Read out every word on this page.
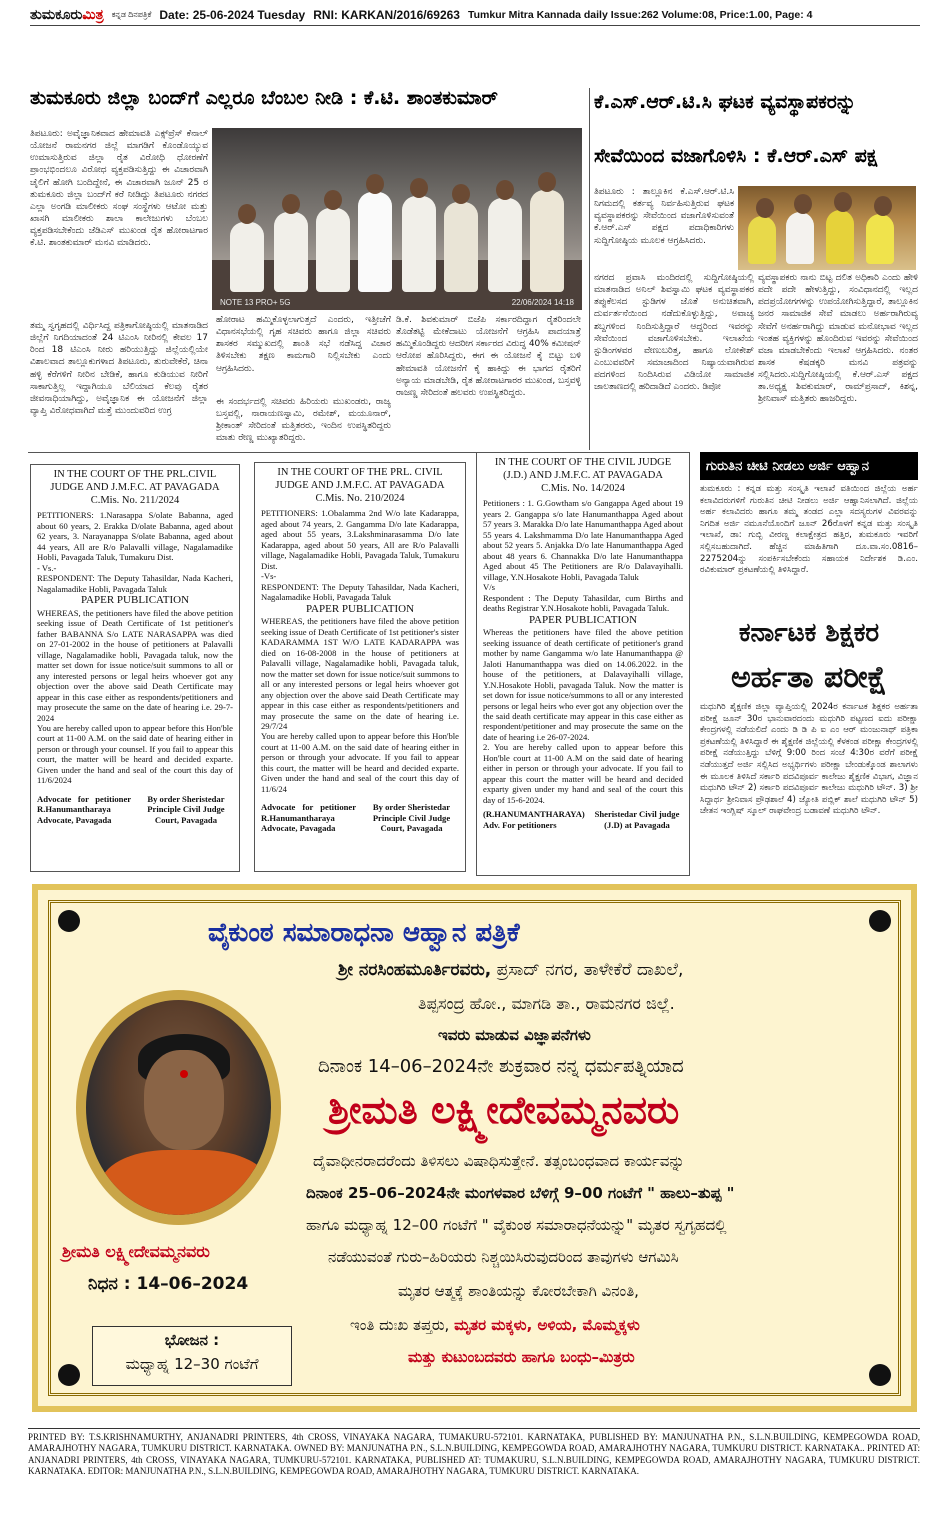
ತುಮಕೂರುಮಿತ್ರ ಕನ್ನಡ ದಿನಪತ್ರಿಕೆ Date: 25-06-2024 Tuesday RNI: KARKAN/2016/69263 Tumkur Mitra Kannada daily Issue:262 Volume:08, Price:1.00, Page: 4
ತುಮಕೂರು ಜಿಲ್ಲಾ ಬಂದ್‌ಗೆ ಎಲ್ಲರೂ ಬೆಂಬಲ ನೀಡಿ : ಕೆ.ಟಿ. ಶಾಂತಕುಮಾರ್
ತಿಪಟೂರು: ಅವೈಜ್ಞಾನಿಕವಾದ ಹೇಮಾವತಿ ಎಕ್ಸ್‌ಪ್ರೆಸ್ ಕೆನಾಲ್ ಯೋಜನೆ ರಾಮನಗರ ಜಿಲ್ಲೆ ಮಾಗಡಿಗೆ ಕೊಂಡೊಯ್ಯುವ ಉಮಾಸುತ್ತಿರುವ ಜಿಲ್ಲಾ ರೈತ ವಿರೋಧಿ ಧೋರಣೆಗೆ ಪ್ರಾಂಭಭಿಂದಲೂ ವಿರೋಧ ವ್ಯಕ್ತಪಡಿಸುತ್ತಿದ್ದು ಈ ವಿಚಾರವಾಗಿ ಚೈಲಿಗೆ ಹೋಗಿ ಬಂದಿದ್ದೇನೆ, ಈ ವಿಚಾರವಾಗಿ ಜೂನ್ 25 ರ ತುಮಕೂರು ಜಿಲ್ಲಾ ಬಂದ್‌ಗೆ ಕರೆ ನೀಡಿದ್ದು ತಿಪಟೂರು ನಗರದ ಎಲ್ಲಾ ಅಂಗಡಿ ಮಾಲೀಕರು ಸಂಘ ಸಂಸ್ಥೆಗಳು ಆಟೋ ಮತ್ತು ಖಾಸಗಿ ಮಾಲೀಕರು ಶಾಲಾ ಕಾಲೇಜುಗಳು ಬೆಂಬಲ ವ್ಯಕ್ತಪಡಿಸಬೇಕೆಂದು ಜೆಡಿಎಸ್ ಮುಖಂಡ ರೈತ ಹೋರಾಟಗಾರ ಕೆ.ಟಿ. ಶಾಂತಕುಮಾರ್ ಮನವಿ ಮಾಡಿದರು.
ತಮ್ಮ ಸ್ವಗೃಹದಲ್ಲಿ ವಿರ್ಧಿಸಿದ್ದ ಪತ್ರಿಕಾಗೋಷ್ಠಿಯಲ್ಲಿ ಮಾತನಾಡಿದ ಜಿಲ್ಲೆಗೆ ನಿಗದಿಯಾದಂತೆ 24 ಟಿಎಂಸಿ ನೀರಿನಲ್ಲಿ ಕೇವಲ 17 ರಿಂದ 18 ಟಿಎಂಸಿ ನೀರು ಹರಿಯುತ್ತಿದ್ದು ಜಿಲ್ಲೆಯಲ್ಲಿಯೇ ವಿಶಾಲವಾದ ತಾಲ್ಲೂಕುಗಳಾದ ತಿಪಟೂರು, ತುರುವೇಕೆರೆ, ಚಿನಾ ಹಳ್ಳಿ ಕೆರೆಗಳಿಗೆ ನೀರಿನ ಬೇಡಿಕೆ, ಹಾಗೂ ಕುಡಿಯುವ ನೀರಿಗೆ ಸಾಕಾಗುತ್ತಿಲ್ಲ ಇದ್ದಾಗಿಯೂ ಬೆಲಿಯಾದ ಕೆಲವು ರೈತರ ಜೀವನಾಧಿಯಾಗಿದ್ದು, ಅವೈಜ್ಞಾನಿಕ ಈ ಯೋಜನೆಗೆ ಜಿಲ್ಲಾ ವ್ಯಾಪ್ತಿ ವಿರೋಧವಾಗಿದೆ ಮತ್ತೆ ಮುಂದುವರಿದ ಉಗ್ರ
NOTE 13 PRO+ 5G	22/06/2024 14:18
ಹೋರಾಟ ಹಮ್ಮಿಕೊಳ್ಳಲಾಗುತ್ತದೆ ಎಂದರು, ಇತ್ತೀಚೆಗೆ ವಿಧಾನಸಭೆಯಲ್ಲಿ ಗೃಹ ಸಚಿವರು ಹಾಗೂ ಜಿಲ್ಲಾ ಸಚಿವರು ಶಾಸಕರ ಸಮ್ಮುಖದಲ್ಲಿ ಶಾಂತಿ ಸಭೆ ನಡೆಸಿದ್ದ ವಿಚಾರ ತಿಳಿಸಬೇಕು ತಕ್ಷಣ ಕಾಮಗಾರಿ ನಿಲ್ಲಿಸಬೇಕು ಎಂದು ಆಗ್ರಹಿಸಿದರು.
ಈ ಸಂದರ್ಭದಲ್ಲಿ ಸಚಿವರು ಹಿರಿಯರು ಮುಖಂಡರು, ರಾಜ್ಯ ಬಸ್ತವಲ್ಲಿ, ನಾರಾಯಣಸ್ವಾಮಿ, ರಮೇಶ್, ಮಯೂನಾರ್, ಶ್ರೀಕಾಂತ್ ಸೇರಿದಂತೆ ಮತ್ತಿತರರು, ಇಂದಿನ ಉಪಸ್ಥಿತರಿದ್ದರು ಮಾತು ರೇಣ್ಣ ಮುಖ್ಯಾತರಿದ್ದರು.
ಡಿ.ಕೆ. ಶಿವಕುಮಾರ್ ಬಿಜೆಪಿ ಸರ್ಕಾರದಿದ್ದಾಗ ರೈತರಿಂದಲೇ ತೊಡೆತಟ್ಟಿ ಮೇಕೆದಾಟು ಯೋಜನೆಗೆ ಆಗ್ರಹಿಸಿ ಪಾದಯಾತ್ರೆ ಹಮ್ಮಿಕೊಂಡಿದ್ದರು ಆದರೀಗ ಸರ್ಕಾರದ ವಿರುದ್ಧ 40% ಕಮೀಷನ್ ಆರೋಪ ಹೊರಿಸಿದ್ದರು, ಈಗ ಈ ಯೋಜನೆ ಕೈ ಬಿಟ್ಟು ಬಳಿ ಹೇಮಾವತಿ ಯೋಜನೆಗೆ ಕೈ ಹಾಕಿದ್ದು ಈ ಭಾಗದ ರೈತರಿಗೆ ಅನ್ಯಾಯ ಮಾಡಬೇಡಿ, ರೈತ ಹೋರಾಟಗಾರರ ಮುಖಂಡ, ಬಸ್ತವಳ್ಳಿ ರಾಜಣ್ಣ ಸೇರಿದಂತೆ ಹಲವರು ಉಪಸ್ಥಿತರಿದ್ದರು.
ಕೆ.ಎಸ್.ಆರ್.ಟಿ.ಸಿ ಘಟಕ ವ್ಯವಸ್ಥಾಪಕರನ್ನು
ಸೇವೆಯಿಂದ ವಜಾಗೊಳಿಸಿ : ಕೆ.ಆರ್.ಎಸ್ ಪಕ್ಷ
ತಿಪಟೂರು : ತಾಲ್ಲೂಕಿನ ಕೆ.ಎಸ್.ಆರ್.ಟಿ.ಸಿ ನಿಗಮದಲ್ಲಿ ಕರ್ತವ್ಯ ನಿರ್ವಹಿಸುತ್ತಿರುವ ಘಟಕ ವ್ಯವಸ್ಥಾಪಕರನ್ನು ಸೇವೆಯಿಂದ ವಜಾಗೊಳಿಸುವಂತೆ ಕೆ.ಆರ್.ಎಸ್ ಪಕ್ಷದ ಪದಾಧಿಕಾರಿಗಳು ಸುದ್ದಿಗೋಷ್ಠಿಯ ಮೂಲಕ ಆಗ್ರಹಿಸಿದರು.
ನಗರದ ಪ್ರವಾಸಿ ಮಂದಿರದಲ್ಲಿ ಸುದ್ದಿಗೋಷ್ಠಿಯಲ್ಲಿ ಮಾತನಾಡಿದ ಅನಿಲ್ ಶಿವಸ್ವಾಮಿ ಘಟಕ ವ್ಯವಸ್ಥಾಪಕರ ತಪ್ಪುಕೆಲಸದ ಸ್ಟುಡಿಗಳ ಜೊತೆ ಅನುಚಿತವಾಗಿ, ದುರ್ವರ್ತನೆಯಿಂದ ನಡೆದುಕೊಳ್ಳುತ್ತಿದ್ದು, ಅವಾಚ್ಯ ಶಬ್ದಗಳಿಂದ ನಿಂದಿಸುತ್ತಿದ್ದಾರೆ ಆದ್ದರಿಂದ ಇವರನ್ನು ಸೇವೆಯಿಂದ ವಜಾಗೊಳಿಸಬೇಕು. ಇಲಾಖೆಯ ಸ್ಟುಡಿಂಗಳವರ ವೇಣುಬರಿತ್ತ, ಹಾಗೂ ಲೋಕೇಶ್ ಎಂಬುವವರಿಗೆ ಸಮಾಜಾದಿಂದ ನಿಷ್ಯಾಯವಾಗಿರುವ ಪದಗಳಿಂದ ನಿಂದಿಸಿರುವ ವಿಡಿಯೋ ಸಾಮಾಜಿಕ ಜಾಲತಾಣದಲ್ಲಿ ಹರಿದಾಡಿದೆ ಎಂದರು. ಡಿಪೋ
ವ್ಯವಸ್ಥಾಪಕರು ನಾನು ಬಿಟ್ಟ ದಲಿತ ಅಧಿಕಾರಿ ಎಂದು ಹೇಳಿ ಪದೇ ಪದೇ ಹೇಳುತ್ತಿದ್ದು, ಸಂವಿಧಾನದಲ್ಲಿ ಇಲ್ಲದ ಪದಪ್ರಯೋಗಗಳನ್ನು ಉಪಯೋಗಿಸುತ್ತಿದ್ದಾರೆ, ತಾಲ್ಲೂಕಿನ ಜನರ ಸಾಮಾಜಿಕ ಸೇವೆ ಮಾಡಲು ಅರ್ಹರಾಗಿರುವ್ಯ ಸೇವೆಗೆ ಅನರ್ಹರಾಗಿದ್ದು ಮಾಡುವ ಮನೋಭಾವ ಇಲ್ಲದ ಇಂತಹ ವ್ಯಕ್ತಿಗಳನ್ನು ಹೊಂದಿರುವ ಇವರನ್ನು ಸೇವೆಯಿಂದ ವಜಾ ಮಾಡಬೇಕೆಂದು ಇಲಾಖೆ ಆಗ್ರಹಿಸಿದರು. ನಂತರ ಶಾಸಕ ಕೆಷಡಕ್ಕರಿ ಮನವಿ ಪತ್ರವನ್ನು ಸಲ್ಲಿಸಿದರು.ಸುದ್ದಿಗೋಷ್ಠಿಯಲ್ಲಿ ಕೆ.ಆರ್.ಎಸ್ ಪಕ್ಷದ ತಾ.ಅಧ್ಯಕ್ಷ ಶಿವಕುಮಾರ್, ರಾಮ್‌ಪ್ರಸಾದ್, ಕಿಶನ್ನ, ಶ್ರೀನಿವಾಸ್ ಮತ್ತಿತರು ಹಾಜರಿದ್ದರು.
IN THE COURT OF THE PRL.CIVIL JUDGE AND J.M.F.C. AT PAVAGADA
C.Mis. No. 211/2024
PETITIONERS: 1.Narasappa S/olate Babanna, aged about 60 years, 2. Erakka D/olate Babanna, aged about 62 years, 3. Narayanappa S/olate Babanna, aged about 44 years, All are R/o Palavalli village, Nagalamadike Hobli, Pavagada Taluk, Tumakuru Dist.
- Vs.-
RESPONDENT: The Deputy Tahasildar, Nada Kacheri, Nagalamadike Hobli, Pavagada Taluk
PAPER PUBLICATION
WHEREAS, the petitioners have filed the above petition seeking issue of Death Certificate of 1st petitioner's father BABANNA S/o LATE NARASAPPA was died on 27-01-2002 in the house of petitioners at Palavalli village, Nagalamadike hobli, Pavagada taluk, now the matter set down for issue notice/suit summons to all or any interested persons or legal heirs whoever got any objection over the above said Death Certificate may appear in this case either as respondents/petitioners and may prosecute the same on the date of hearing i.e. 29-7-2024
You are hereby called upon to appear before this Hon'ble court at 11-00 A.M. on the said date of hearing either in person or through your counsel. If you fail to appear this court, the matter will be heard and decided exparte. Given under the hand and seal of the court this day of 11/6/2024
Advocate for petitioner R.Hanumantharaya Advocate, Pavagada
By order Sheristedar Principle Civil Judge Court, Pavagada
IN THE COURT OF THE PRL. CIVIL JUDGE AND J.M.F.C. AT PAVAGADA
C.Mis. No. 210/2024
PETITIONERS: 1.Obalamma 2nd W/o late Kadarappa, aged about 74 years, 2. Gangamma D/o late Kadarappa, aged about 55 years, 3.Lakshminarasamma D/o late Kadarappa, aged about 50 years, All are R/o Palavalli village, Nagalamadike Hobli, Pavagada Taluk, Tumakuru Dist.
-Vs-
RESPONDENT: The Deputy Tahasildar, Nada Kacheri, Nagalamadike Hobli, Pavagada Taluk
PAPER PUBLICATION
WHEREAS, the petitioners have filed the above petition seeking issue of Death Certificate of 1st petitioner's sister KADARAMMA 1ST W/O LATE KADARAPPA was died on 16-08-2008 in the house of petitioners at Palavalli village, Nagalamadike hobli, Pavagada taluk, now the matter set down for issue notice/suit summons to all or any interested persons or legal heirs whoever got any objection over the above said Death Certificate may appear in this case either as respondents/petitioners and may prosecute the same on the date of hearing i.e. 29/7/24
You are hereby called upon to appear before this Hon'ble court at 11-00 A.M. on the said date of hearing either in person or through your advocate. If you fail to appear this court, the matter will be heard and decided exparte. Given under the hand and seal of the court this day of 11/6/24
Advocate for petitioner R.Hanumantharaya Advocate, Pavagada
By order Sheristedar Principle Civil Judge Court, Pavagada
IN THE COURT OF THE CIVIL JUDGE (J.D.) AND J.M.F.C. AT PAVAGADA
C.Mis. No. 14/2024
Petitioners : 1. G.Gowtham s/o Gangappa Aged about 19 years 2. Gangappa s/o late Hanumanthappa Aged about 57 years 3. Marakka D/o late Hanumanthappa Aged about 55 years 4. Lakshmamma D/o late Hanumanthappa Aged about 52 years 5. Anjakka D/o late Hanumanthappa Aged about 48 years 6. Channakka D/o late Hanumanthappa Aged about 45 The Petitioners are R/o Dalavayihalli. village, Y.N.Hosakote Hobli, Pavagada Taluk
V/s
Respondent : The Deputy Tahasildar, cum Births and deaths Registrar Y.N.Hosakote hobli, Pavagada Taluk.
PAPER PUBLICATION
Whereas the petitioners have filed the above petition seeking issuance of death certificate of petitioner's grand mother by name Gangamma w/o late Hanumanthappa @ Jaloti Hanumanthappa was died on 14.06.2022. in the house of the petitioners, at Dalavayihalli village, Y.N.Hosakote Hobli, pavagada Taluk. Now the matter is set down for issue notice/summons to all or any interested persons or legal heirs who ever got any objection over the the said death certificate may appear in this case either as respondent/petitioner and may prosecute the same on the date of hearing i.e 26-07-2024.
2. You are hereby called upon to appear before this Hon'ble court at 11-00 A.M on the said date of hearing either in person or through your advocate. If you fail to appear this court the matter will be heard and decided exparty given under my hand and seal of the court this day of 15-6-2024.
(R.HANUMANTHARAYA) Adv. For petitioners
Sheristedar Civil judge (J.D) at Pavagada
ಗುರುತಿನ ಚೀಟಿ ನೀಡಲು ಅರ್ಜಿ ಆಹ್ವಾನ
ತುಮಕೂರು : ಕನ್ನಡ ಮತ್ತು ಸಂಸ್ಕೃತಿ ಇಲಾಖೆ ವತಿಯಿಂದ ಜಿಲ್ಲೆಯ ಅರ್ಹ ಕಲಾವಿದರುಗಳಿಗೆ ಗುರುತಿನ ಚೀಟಿ ನೀಡಲು ಅರ್ಜಿ ಆಹ್ವಾನಿಸಲಾಗಿದೆ. ಜಿಲ್ಲೆಯ ಅರ್ಹ ಕಲಾವಿದರು ಹಾಗೂ ತಮ್ಮ ತಂಡದ ಎಲ್ಲಾ ಸದಸ್ಯರುಗಳ ವಿವರವನ್ನು ನಿಗದಿತ ಅರ್ಜಿ ನಮೂನೆಯೊಂದಿಗೆ ಜೂನ್ 26ರೊಳಗೆ ಕನ್ನಡ ಮತ್ತು ಸಂಸ್ಕೃತಿ ಇಲಾಖೆ, ಡಾ: ಗುಬ್ಬಿ ವೀರಣ್ಣ ಕಲಾಕ್ಷೇತ್ರದ ಹತ್ತಿರ, ತುಮಕೂರು ಇವರಿಗೆ ಸಲ್ಲಿಸಬಹುದಾಗಿದೆ. ಹೆಚ್ಚಿನ ಮಾಹಿತಿಗಾಗಿ ದೂ.ವಾ.ಸಂ.0816–2275204ನ್ನು ಸಂಪರ್ಕಿಸಬೇಕೆಂದು ಸಹಾಯಕ ನಿರ್ದೇಶಕ ಡಿ.ಎಂ. ರವಿಕುಮಾರ್ ಪ್ರಕಟಣೆಯಲ್ಲಿ ತಿಳಿಸಿದ್ದಾರೆ.
ಕರ್ನಾಟಕ ಶಿಕ್ಷಕರ
ಅರ್ಹತಾ ಪರೀಕ್ಷೆ
ಮಧುಗಿರಿ ಶೈಕ್ಷಣಿಕ ಜಿಲ್ಲಾ ವ್ಯಾಪ್ತಿಯಲ್ಲಿ 2024ರ ಕರ್ನಾಟಕ ಶಿಕ್ಷಕರ ಅರ್ಹತಾ ಪರೀಕ್ಷೆ ಜೂನ್ 30ರ ಭಾನುವಾರದಂದು ಮಧುಗಿರಿ ಪಟ್ಟಣದ ಐದು ಪರೀಕ್ಷಾ ಕೇಂದ್ರಗಳಲ್ಲಿ ನಡೆಯಲಿದೆ ಎಂದು ಡಿ ಡಿ ಪಿ ಐ ಎಂ ಆರ್ ಮಂಜುನಾಥ್ ಪತ್ರಿಕಾ ಪ್ರಕಟಣೆಯಲ್ಲಿ ತಿಳಿಸಿದ್ದಾರೆ ಈ ಶೈಕ್ಷಣಿಕ ಜಿಲ್ಲೆಯಲ್ಲಿ ಕೆಳಕಂಡ ಪರೀಕ್ಷಾ ಕೇಂದ್ರಗಳಲ್ಲಿ ಪರೀಕ್ಷೆ ನಡೆಯುತ್ತಿದ್ದು ಬೆಳಿಗ್ಗೆ 9:00 ರಿಂದ ಸಂಜೆ 4:30ರ ವರೆಗೆ ಪರೀಕ್ಷೆ ನಡೆಯುತ್ತದೆ ಅರ್ಜಿ ಸಲ್ಲಿಸಿದ ಅಭ್ಯರ್ಥಿಗಳು ಪರೀಕ್ಷಾ ಬೇಂಡುಕ್ಕೊಂಡ ಶಾಲಾಗಳು ಈ ಮೂಲಕ ತಿಳಿಸಿದೆ ಸರ್ಕಾರಿ ಪದವಿಪೂರ್ವ ಕಾಲೇಜು ಶೈಕ್ಷಣಿಕ ವಿಭಾಗ, ವಿಜ್ಞಾನ ಮಧುಗಿರಿ ಟೌನ್ 2) ಸರ್ಕಾರಿ ಪದವಿಪೂರ್ವ ಕಾಲೇಜು ಮಧುಗಿರಿ ಟೌನ್. 3) ಶ್ರೀ ಸಿದ್ದಾರ್ಥ ಶ್ರೀನಿವಾಸ ಪ್ರೌಢಶಾಲೆ 4) ಜ್ಯೋತಿ ಪಬ್ಲಿಕ್ ಶಾಲೆ ಮಧುಗಿರಿ ಟೌನ್ 5) ಚೇತನ ಇಂಗ್ಲಿಷ್ ಸ್ಕೂಲ್ ರಾಘವೇಂದ್ರ ಬಡಾವಣೆ ಮಧುಗಿರಿ ಟೌನ್.
ವೈಕುಂಠ ಸಮಾರಾಧನಾ ಆಹ್ವಾನ ಪತ್ರಿಕೆ
ಶ್ರೀ ನರಸಿಂಹಮೂರ್ತಿರವರು, ಪ್ರಸಾದ್ ನಗರ, ತಾಳೇಕೆರೆ ದಾಖಲೆ,
ತಿಪ್ಪಸಂದ್ರ ಹೋ., ಮಾಗಡಿ ತಾ., ರಾಮನಗರ ಜಿಲ್ಲೆ.
ಇವರು ಮಾಡುವ ವಿಜ್ಞಾಪನೆಗಳು
ದಿನಾಂಕ 14–06–2024ನೇ ಶುಕ್ರವಾರ ನನ್ನ ಧರ್ಮಪತ್ನಿಯಾದ
ಶ್ರೀಮತಿ ಲಕ್ಷ್ಮೀದೇವಮ್ಮನವರು
ದೈವಾಧೀನರಾದರೆಂದು ತಿಳಿಸಲು ವಿಷಾಧಿಸುತ್ತೇನೆ. ತತ್ಸಂಬಂಧವಾದ ಕಾರ್ಯವನ್ನು
ದಿನಾಂಕ 25–06–2024ನೇ ಮಂಗಳವಾರ ಬೆಳಿಗ್ಗೆ 9–00 ಗಂಟೆಗೆ " ಹಾಲು–ತುಪ್ಪ "
ಹಾಗೂ ಮಧ್ಯಾಹ್ನ 12–00 ಗಂಟೆಗೆ " ವೈಕುಂಠ ಸಮಾರಾಧನೆಯನ್ನು" ಮೃತರ ಸ್ವಗೃಹದಲ್ಲಿ
ನಡೆಯುವಂತೆ ಗುರು–ಹಿರಿಯರು ನಿಶ್ಚಯಿಸಿರುವುದರಿಂದ ತಾವುಗಳು ಆಗಮಿಸಿ
ಮೃತರ ಆತ್ಮಕ್ಕೆ ಶಾಂತಿಯನ್ನು ಕೋರಬೇಕಾಗಿ ವಿನಂತಿ,
ಇಂತಿ ದುಃಖ ತಪ್ತರು, ಮೃತರ ಮಕ್ಕಳು, ಅಳಿಯ, ಮೊಮ್ಮಕ್ಕಳು
ಮತ್ತು ಕುಟುಂಬದವರು ಹಾಗೂ ಬಂಧು–ಮಿತ್ರರು
ಶ್ರೀಮತಿ ಲಕ್ಷ್ಮೀದೇವಮ್ಮನವರು
ನಿಧನ : 14–06–2024
ಭೋಜನ :
ಮಧ್ಯಾಹ್ನ 12–30 ಗಂಟೆಗೆ
PRINTED BY: T.S.KRISHNAMURTHY, ANJANADRI PRINTERS, 4th CROSS, VINAYAKA NAGARA, TUMAKURU-572101. KARNATAKA, PUBLISHED BY: MANJUNATHA P.N., S.L.N.BUILDING, KEMPEGOWDA ROAD, AMARAJHOTHY NAGARA, TUMKURU DISTRICT. KARNATAKA. OWNED BY: MANJUNATHA P.N., S.L.N.BUILDING, KEMPEGOWDA ROAD, AMARAJHOTHY NAGARA, TUMKURU DISTRICT. KARNATAKA.. PRINTED AT: ANJANADRI PRINTERS, 4th CROSS, VINAYAKA NAGARA, TUMKURU-572101. KARNATAKA, PUBLISHED AT: TUMAKURU, S.L.N.BUILDING, KEMPEGOWDA ROAD, AMARAJHOTHY NAGARA, TUMKURU DISTRICT. KARNATAKA. EDITOR: MANJUNATHA P.N., S.L.N.BUILDING, KEMPEGOWDA ROAD, AMARAJHOTHY NAGARA, TUMKURU DISTRICT. KARNATAKA.
